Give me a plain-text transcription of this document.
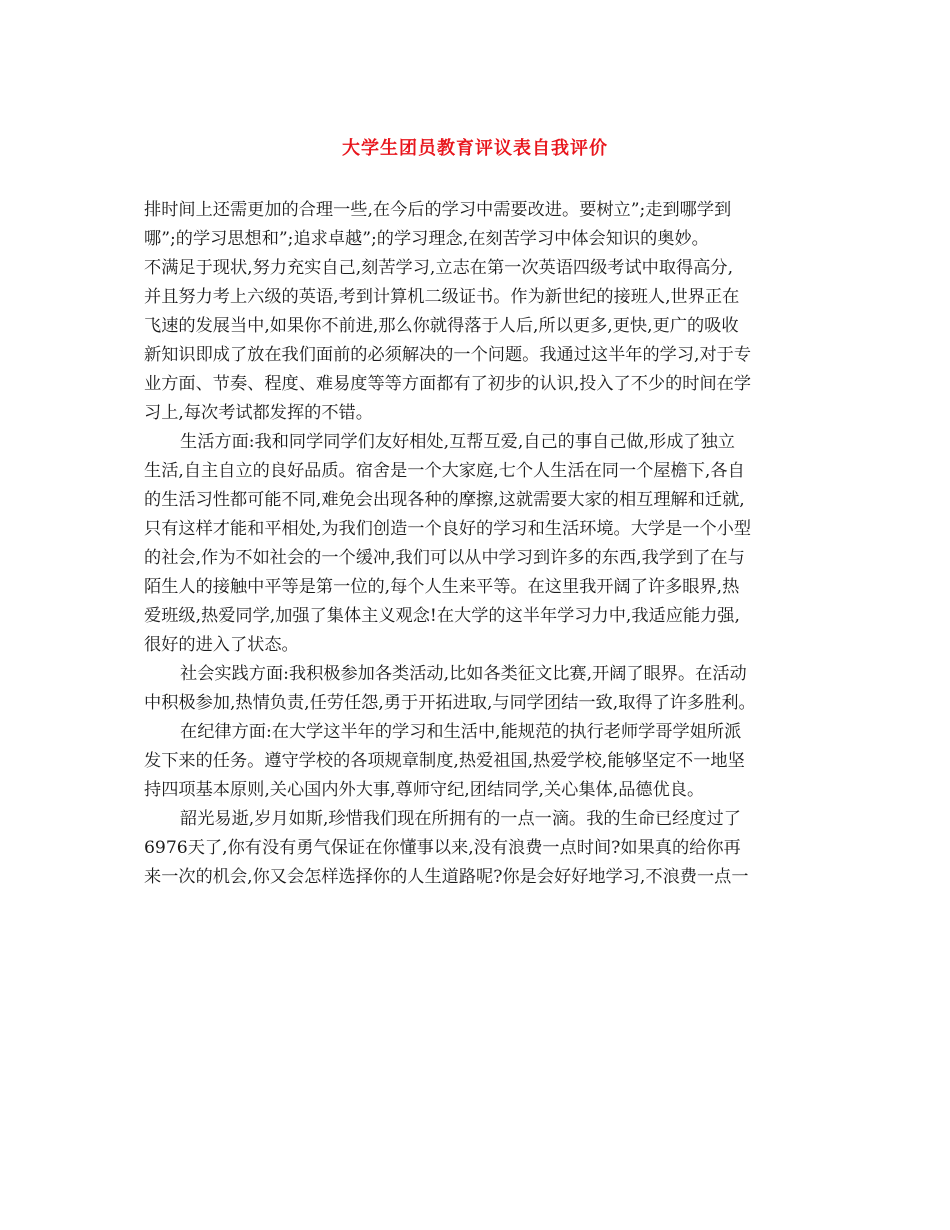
大学生团员教育评议表自我评价
排时间上还需更加的合理一些,在今后的学习中需要改进。要树立”;走到哪学到
哪”;的学习思想和”;追求卓越”;的学习理念,在刻苦学习中体会知识的奥妙。
不满足于现状,努力充实自己,刻苦学习,立志在第一次英语四级考试中取得高分,
并且努力考上六级的英语,考到计算机二级证书。作为新世纪的接班人,世界正在
飞速的发展当中,如果你不前进,那么你就得落于人后,所以更多,更快,更广的吸收
新知识即成了放在我们面前的必须解决的一个问题。我通过这半年的学习,对于专
业方面、节奏、程度、难易度等等方面都有了初步的认识,投入了不少的时间在学
习上,每次考试都发挥的不错。
生活方面:我和同学同学们友好相处,互帮互爱,自己的事自己做,形成了独立
生活,自主自立的良好品质。宿舍是一个大家庭,七个人生活在同一个屋檐下,各自
的生活习性都可能不同,难免会出现各种的摩擦,这就需要大家的相互理解和迁就,
只有这样才能和平相处,为我们创造一个良好的学习和生活环境。大学是一个小型
的社会,作为不如社会的一个缓冲,我们可以从中学习到许多的东西,我学到了在与
陌生人的接触中平等是第一位的,每个人生来平等。在这里我开阔了许多眼界,热
爱班级,热爱同学,加强了集体主义观念!在大学的这半年学习力中,我适应能力强,
很好的进入了状态。
社会实践方面:我积极参加各类活动,比如各类征文比赛,开阔了眼界。在活动
中积极参加,热情负责,任劳任怨,勇于开拓进取,与同学团结一致,取得了许多胜利。
在纪律方面:在大学这半年的学习和生活中,能规范的执行老师学哥学姐所派
发下来的任务。遵守学校的各项规章制度,热爱祖国,热爱学校,能够坚定不一地坚
持四项基本原则,关心国内外大事,尊师守纪,团结同学,关心集体,品德优良。
韶光易逝,岁月如斯,珍惜我们现在所拥有的一点一滴。我的生命已经度过了
6976天了,你有没有勇气保证在你懂事以来,没有浪费一点时间?如果真的给你再
来一次的机会,你又会怎样选择你的人生道路呢?你是会好好地学习,不浪费一点一
